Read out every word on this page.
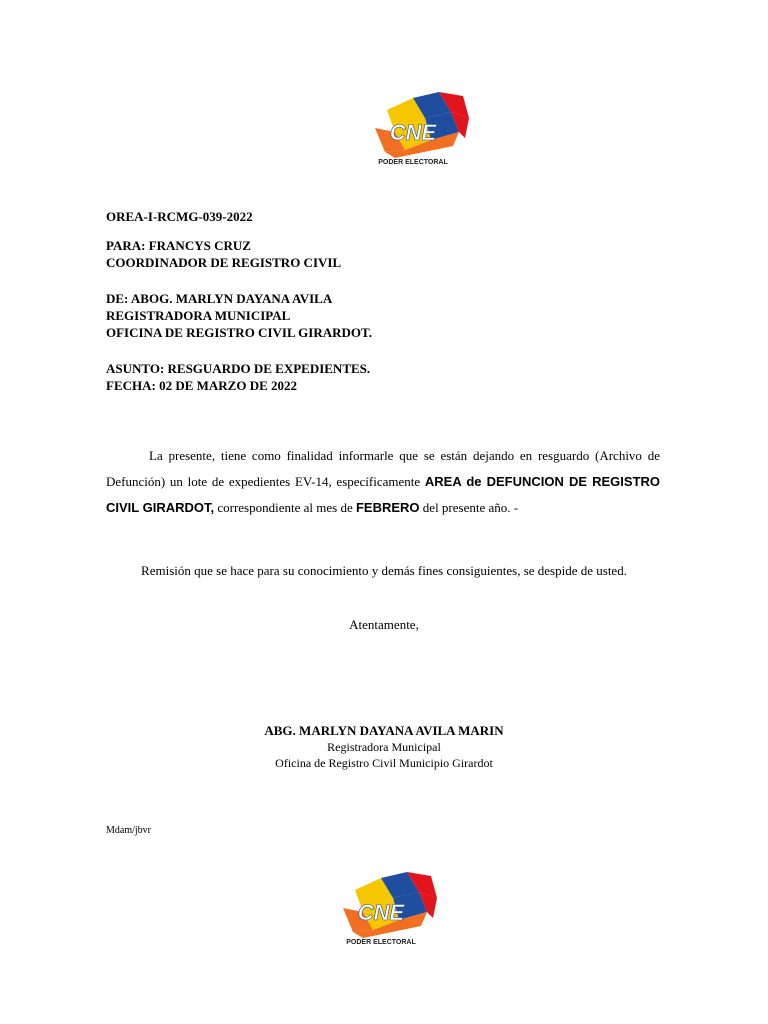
CNE
PODER ELECTORAL
OREA-I-RCMG-039-2022
PARA: FRANCYS CRUZ
COORDINADOR DE REGISTRO CIVIL
DE: ABOG. MARLYN DAYANA AVILA
REGISTRADORA MUNICIPAL
OFICINA DE REGISTRO CIVIL GIRARDOT.
ASUNTO: RESGUARDO DE EXPEDIENTES.
FECHA: 02 DE MARZO DE 2022
La presente, tiene como finalidad informarle que se están dejando en resguardo (Archivo de Defunción) un lote de expedientes EV-14, específicamente AREA de DEFUNCION DE REGISTRO CIVIL GIRARDOT, correspondiente al mes de FEBRERO del presente año. -
Remisión que se hace para su conocimiento y demás fines consiguientes, se despide de usted.
Atentamente,
ABG. MARLYN DAYANA AVILA MARIN
Registradora Municipal
Oficina de Registro Civil Municipio Girardot
Mdam/jbvr
CNE
PODER ELECTORAL
